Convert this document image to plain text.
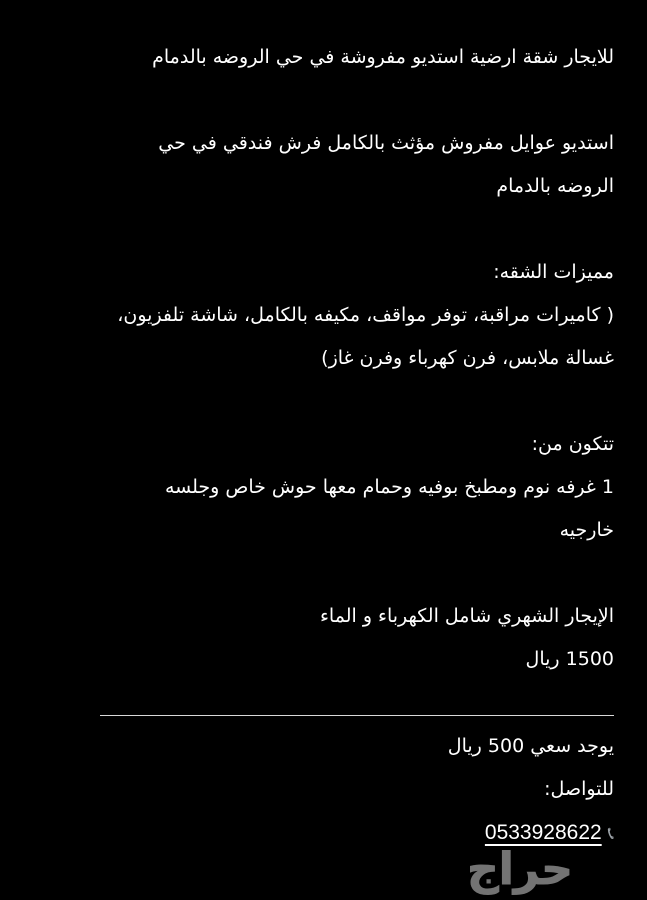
للايجار شقة ارضية استديو مفروشة في حي الروضه بالدمام

استديو عوايل مفروش مؤثث بالكامل فرش فندقي في حي
الروضه بالدمام

مميزات الشقه:
( كاميرات مراقبة، توفر مواقف، مكيفه بالكامل، شاشة تلفزيون،
غسالة ملابس، فرن كهرباء وفرن غاز)

تتكون من:
1 غرفه نوم ومطبخ بوفيه وحمام معها حوش خاص وجلسه
خارجيه

الإيجار الشهري شامل الكهرباء و الماء
1500 ريال

يوجد سعي 500 ريال
للتواصل:
📞︎0533928622
حراج
